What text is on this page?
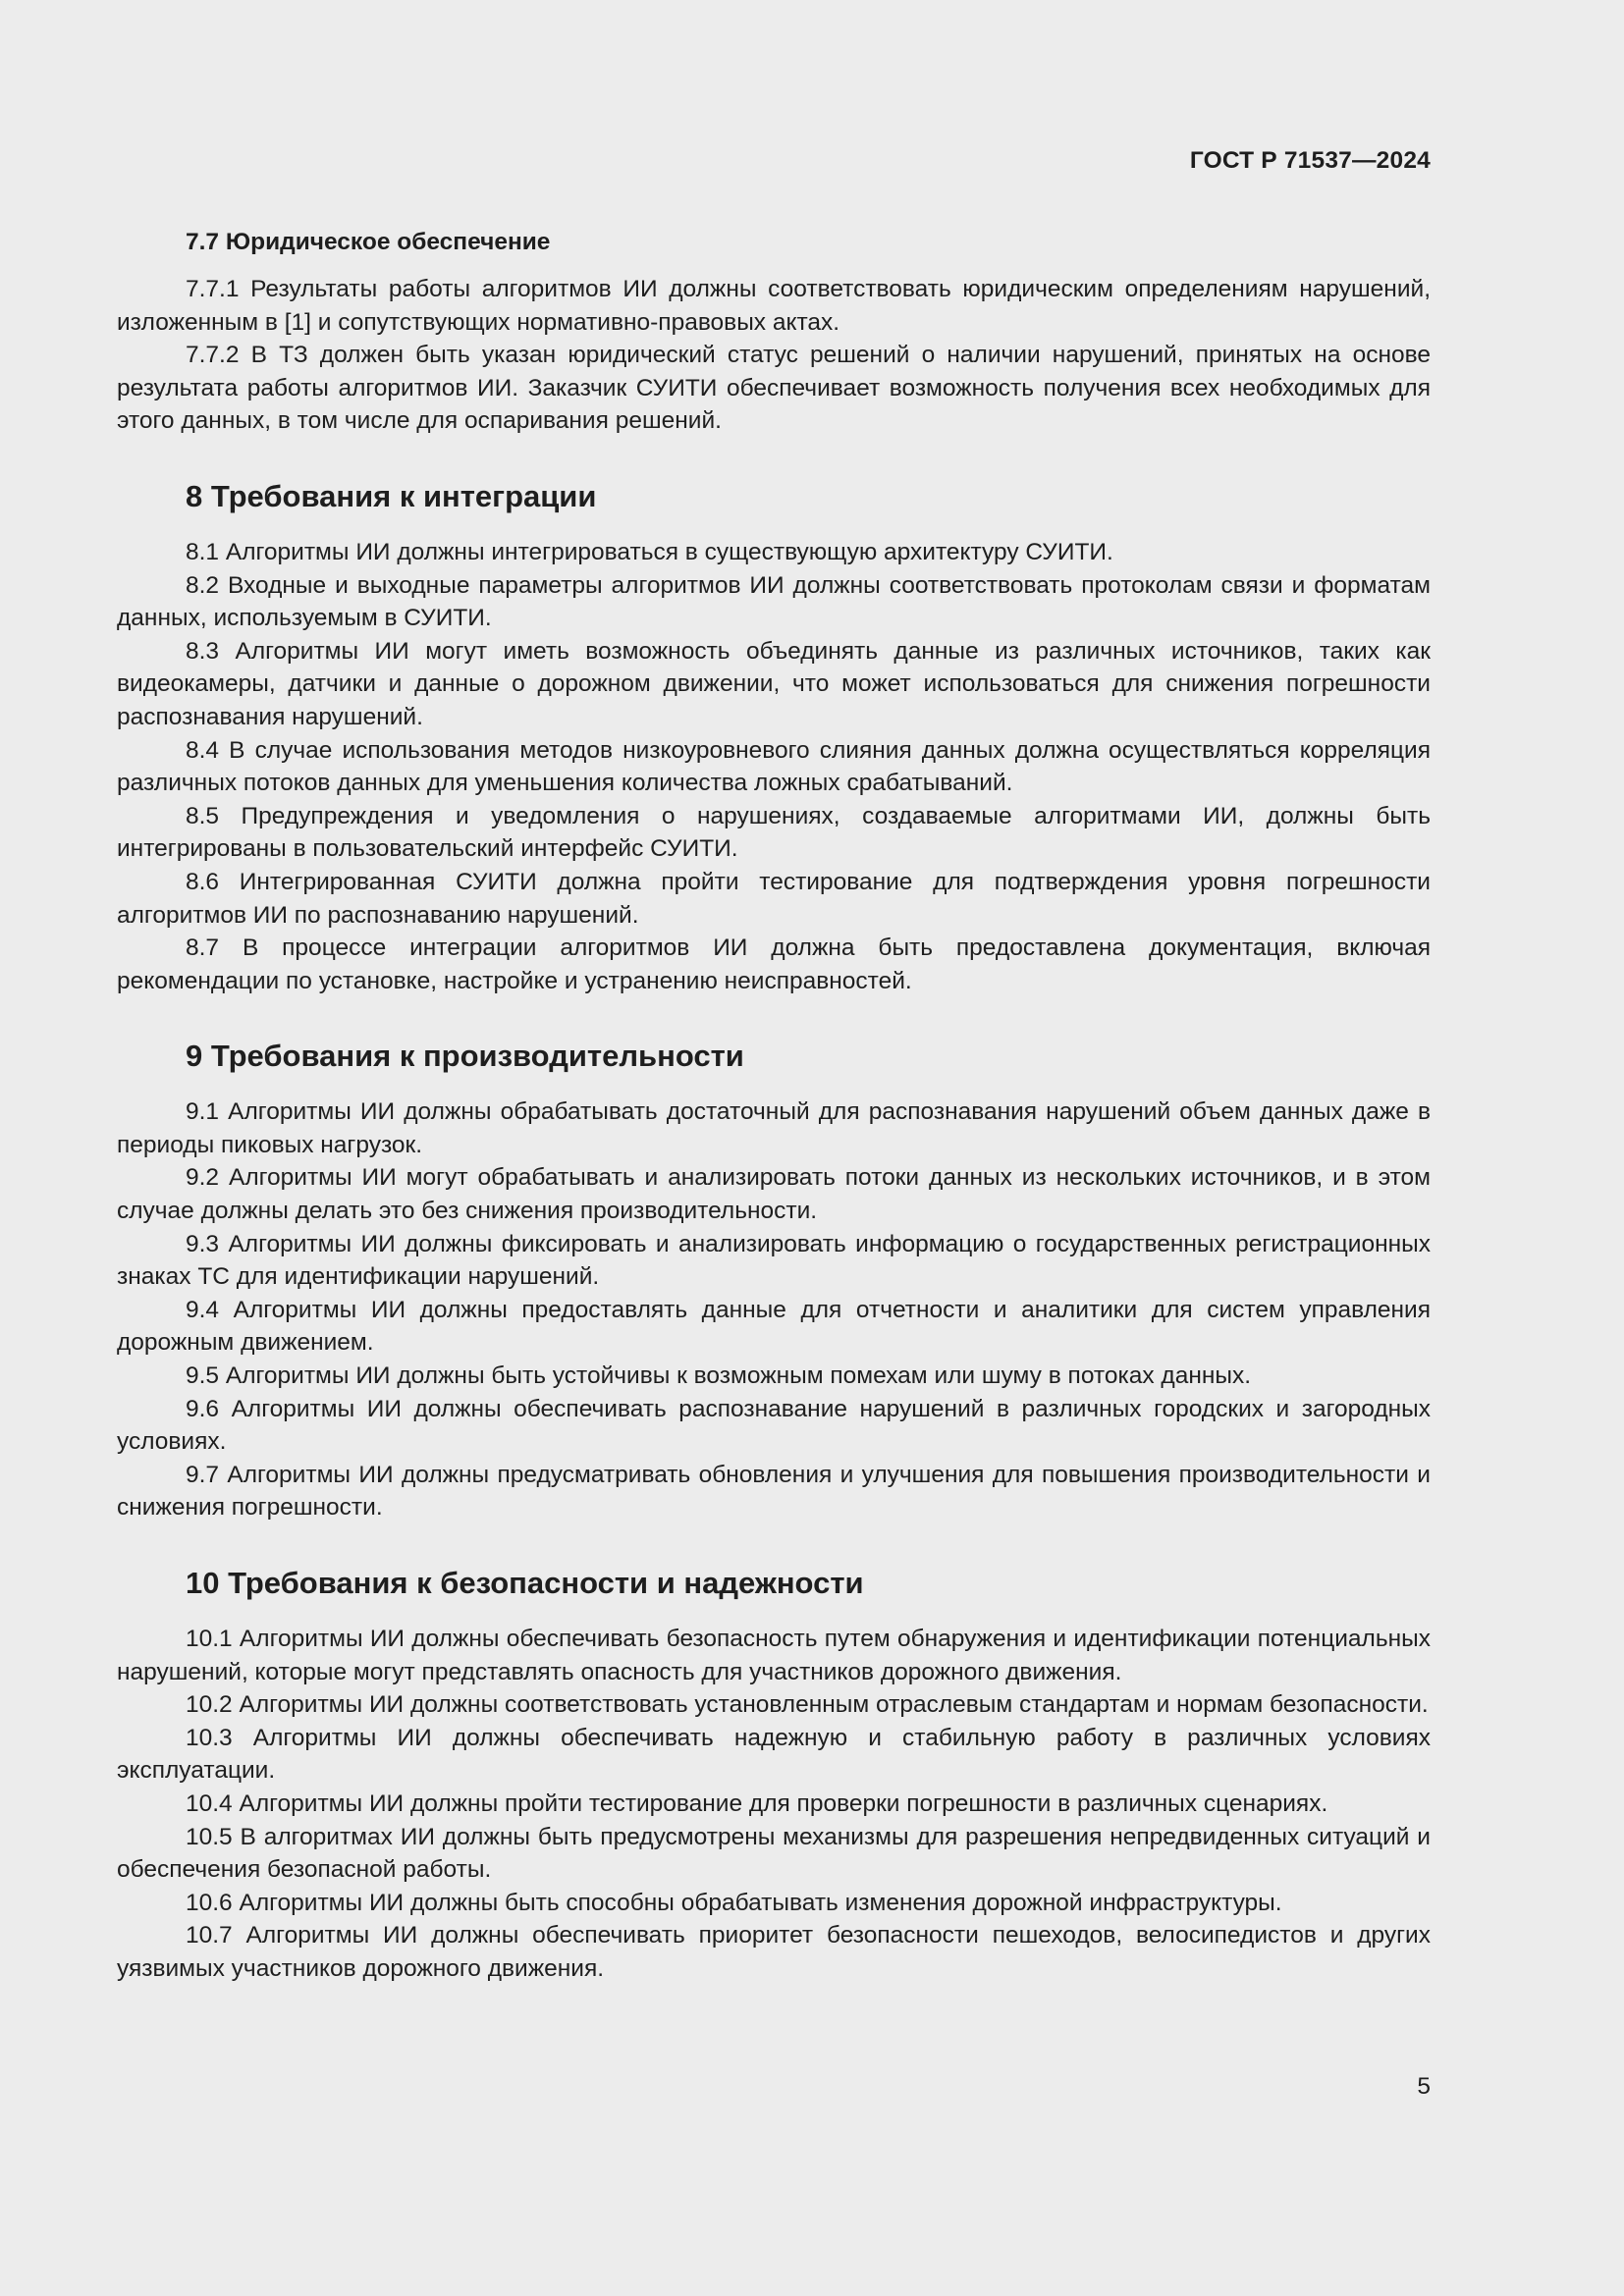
ГОСТ Р 71537—2024
7.7 Юридическое обеспечение

7.7.1 Результаты работы алгоритмов ИИ должны соответствовать юридическим определениям нарушений, изложенным в [1] и сопутствующих нормативно-правовых актах.

7.7.2 В ТЗ должен быть указан юридический статус решений о наличии нарушений, принятых на основе результата работы алгоритмов ИИ. Заказчик СУИТИ обеспечивает возможность получения всех необходимых для этого данных, в том числе для оспаривания решений.

8 Требования к интеграции

8.1 Алгоритмы ИИ должны интегрироваться в существующую архитектуру СУИТИ.

8.2 Входные и выходные параметры алгоритмов ИИ должны соответствовать протоколам связи и форматам данных, используемым в СУИТИ.

8.3 Алгоритмы ИИ могут иметь возможность объединять данные из различных источников, таких как видеокамеры, датчики и данные о дорожном движении, что может использоваться для снижения погрешности распознавания нарушений.

8.4 В случае использования методов низкоуровневого слияния данных должна осуществляться корреляция различных потоков данных для уменьшения количества ложных срабатываний.

8.5 Предупреждения и уведомления о нарушениях, создаваемые алгоритмами ИИ, должны быть интегрированы в пользовательский интерфейс СУИТИ.

8.6 Интегрированная СУИТИ должна пройти тестирование для подтверждения уровня погрешности алгоритмов ИИ по распознаванию нарушений.

8.7 В процессе интеграции алгоритмов ИИ должна быть предоставлена документация, включая рекомендации по установке, настройке и устранению неисправностей.

9 Требования к производительности

9.1 Алгоритмы ИИ должны обрабатывать достаточный для распознавания нарушений объем данных даже в периоды пиковых нагрузок.

9.2 Алгоритмы ИИ могут обрабатывать и анализировать потоки данных из нескольких источников, и в этом случае должны делать это без снижения производительности.

9.3 Алгоритмы ИИ должны фиксировать и анализировать информацию о государственных регистрационных знаках ТС для идентификации нарушений.

9.4 Алгоритмы ИИ должны предоставлять данные для отчетности и аналитики для систем управления дорожным движением.

9.5 Алгоритмы ИИ должны быть устойчивы к возможным помехам или шуму в потоках данных.

9.6 Алгоритмы ИИ должны обеспечивать распознавание нарушений в различных городских и загородных условиях.

9.7 Алгоритмы ИИ должны предусматривать обновления и улучшения для повышения производительности и снижения погрешности.

10 Требования к безопасности и надежности

10.1 Алгоритмы ИИ должны обеспечивать безопасность путем обнаружения и идентификации потенциальных нарушений, которые могут представлять опасность для участников дорожного движения.

10.2 Алгоритмы ИИ должны соответствовать установленным отраслевым стандартам и нормам безопасности.

10.3 Алгоритмы ИИ должны обеспечивать надежную и стабильную работу в различных условиях эксплуатации.

10.4 Алгоритмы ИИ должны пройти тестирование для проверки погрешности в различных сценариях.

10.5 В алгоритмах ИИ должны быть предусмотрены механизмы для разрешения непредвиденных ситуаций и обеспечения безопасной работы.

10.6 Алгоритмы ИИ должны быть способны обрабатывать изменения дорожной инфраструктуры.

10.7 Алгоритмы ИИ должны обеспечивать приоритет безопасности пешеходов, велосипедистов и других уязвимых участников дорожного движения.

5
